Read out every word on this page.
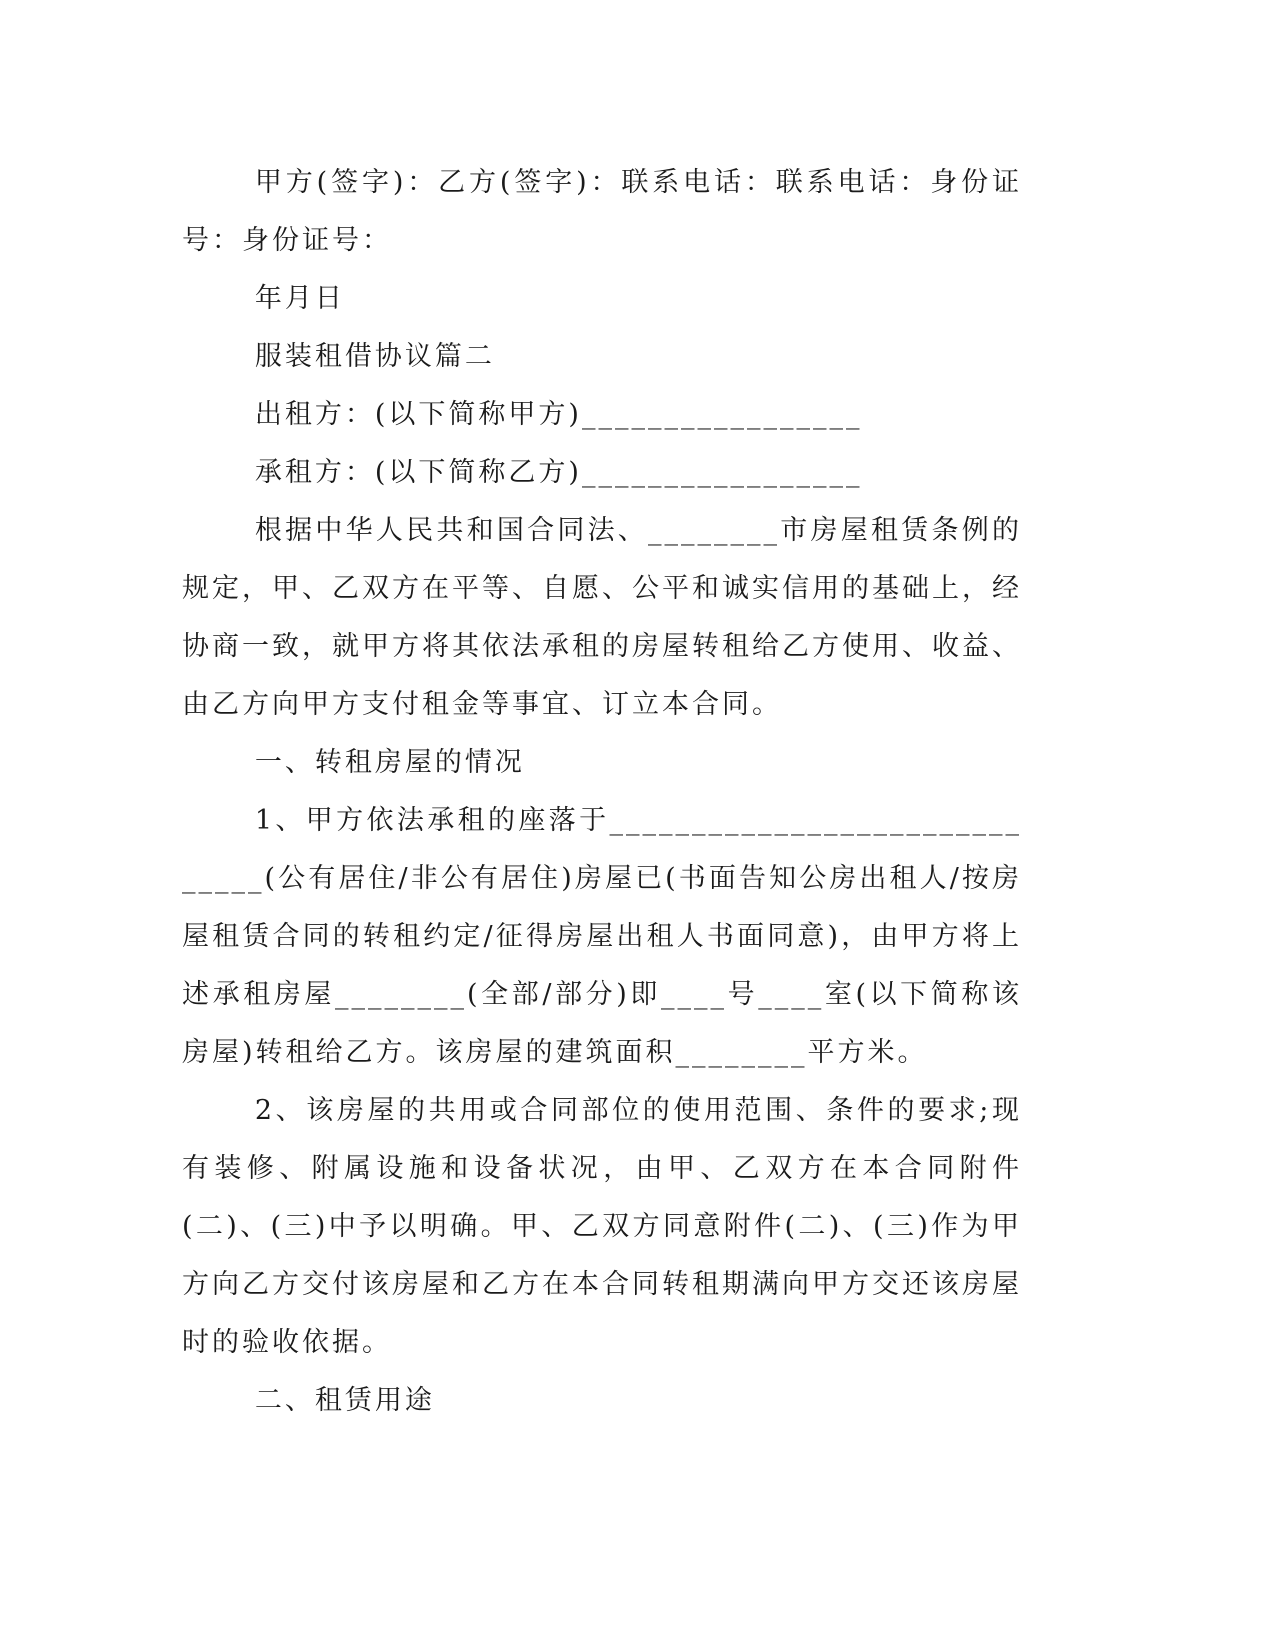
甲方(签字)：乙方(签字)：联系电话：联系电话：身份证号：身份证号：

年月日

服装租借协议篇二

出租方：(以下简称甲方)_________________

承租方：(以下简称乙方)_________________

根据中华人民共和国合同法、________市房屋租赁条例的规定，甲、乙双方在平等、自愿、公平和诚实信用的基础上，经协商一致，就甲方将其依法承租的房屋转租给乙方使用、收益、由乙方向甲方支付租金等事宜、订立本合同。

一、转租房屋的情况

1、甲方依法承租的座落于______________________________(公有居住/非公有居住)房屋已(书面告知公房出租人/按房屋租赁合同的转租约定/征得房屋出租人书面同意)，由甲方将上述承租房屋________(全部/部分)即____号____室(以下简称该房屋)转租给乙方。该房屋的建筑面积________平方米。

2、该房屋的共用或合同部位的使用范围、条件的要求;现有装修、附属设施和设备状况，由甲、乙双方在本合同附件(二)、(三)中予以明确。甲、乙双方同意附件(二)、(三)作为甲方向乙方交付该房屋和乙方在本合同转租期满向甲方交还该房屋时的验收依据。

二、租赁用途
